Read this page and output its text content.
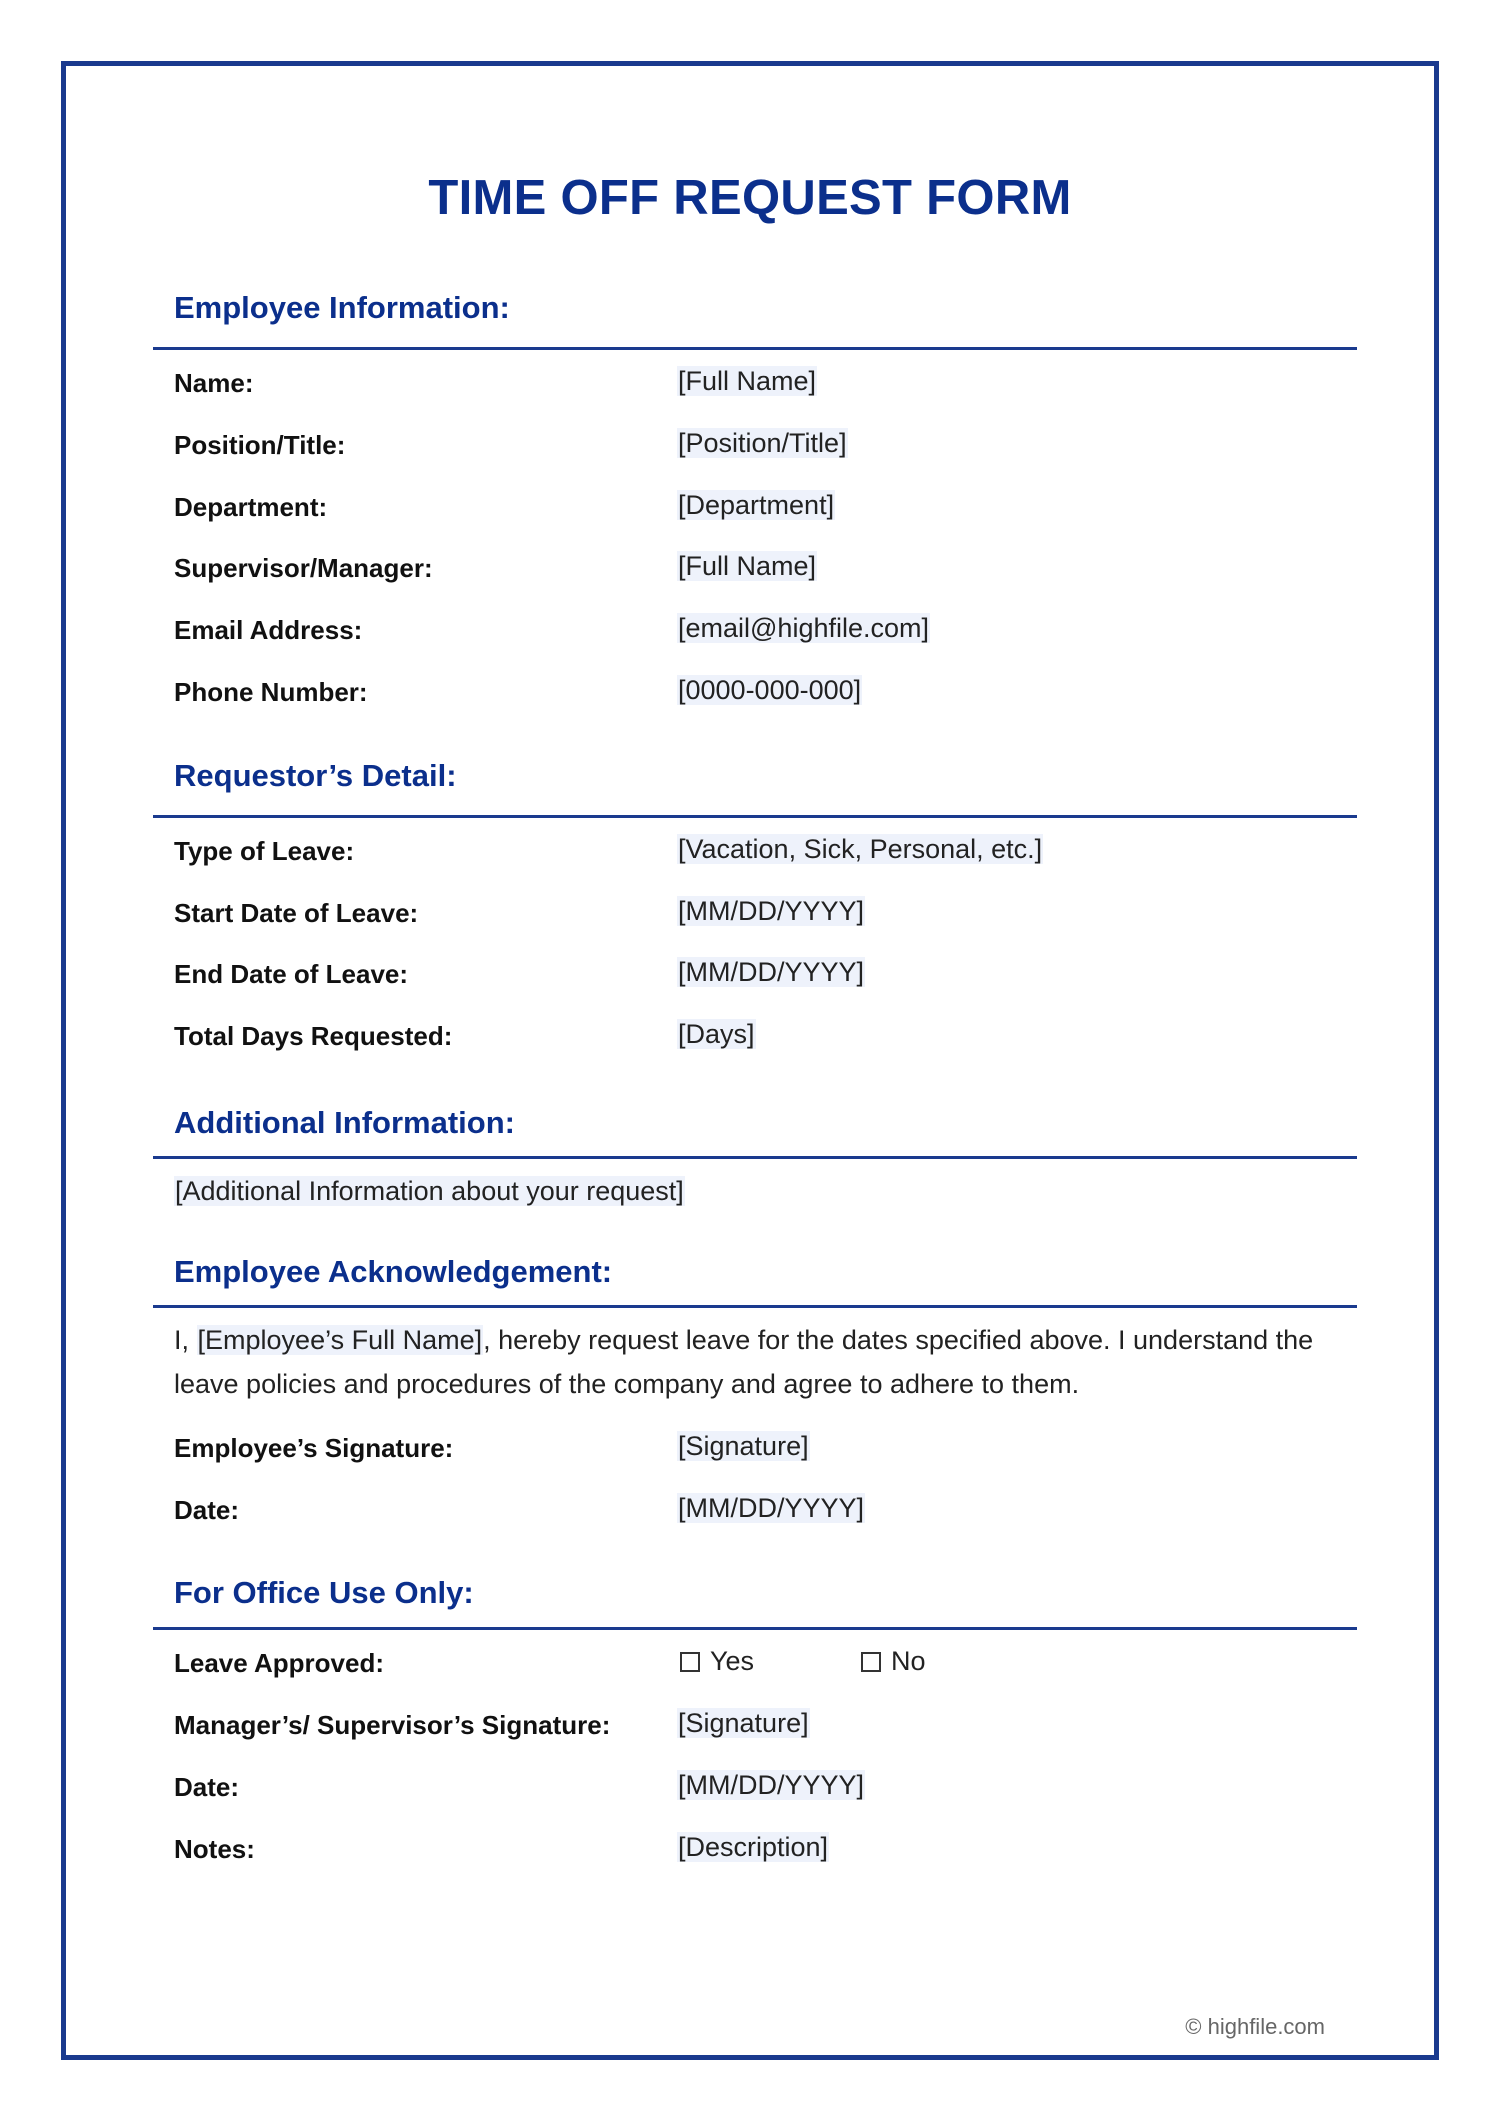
TIME OFF REQUEST FORM
Employee Information:
Name:	[Full Name]
Position/Title:	[Position/Title]
Department:	[Department]
Supervisor/Manager:	[Full Name]
Email Address:	[email@highfile.com]
Phone Number:	[0000-000-000]
Requestor’s Detail:
Type of Leave:	[Vacation, Sick, Personal, etc.]
Start Date of Leave:	[MM/DD/YYYY]
End Date of Leave:	[MM/DD/YYYY]
Total Days Requested:	[Days]
Additional Information:
[Additional Information about your request]
Employee Acknowledgement:
I, [Employee’s Full Name], hereby request leave for the dates specified above. I understand the
leave policies and procedures of the company and agree to adhere to them.
Employee’s Signature:	[Signature]
Date:	[MM/DD/YYYY]
For Office Use Only:
Leave Approved:	Yes	No
Manager’s/ Supervisor’s Signature:	[Signature]
Date:	[MM/DD/YYYY]
Notes:	[Description]
© highfile.com
